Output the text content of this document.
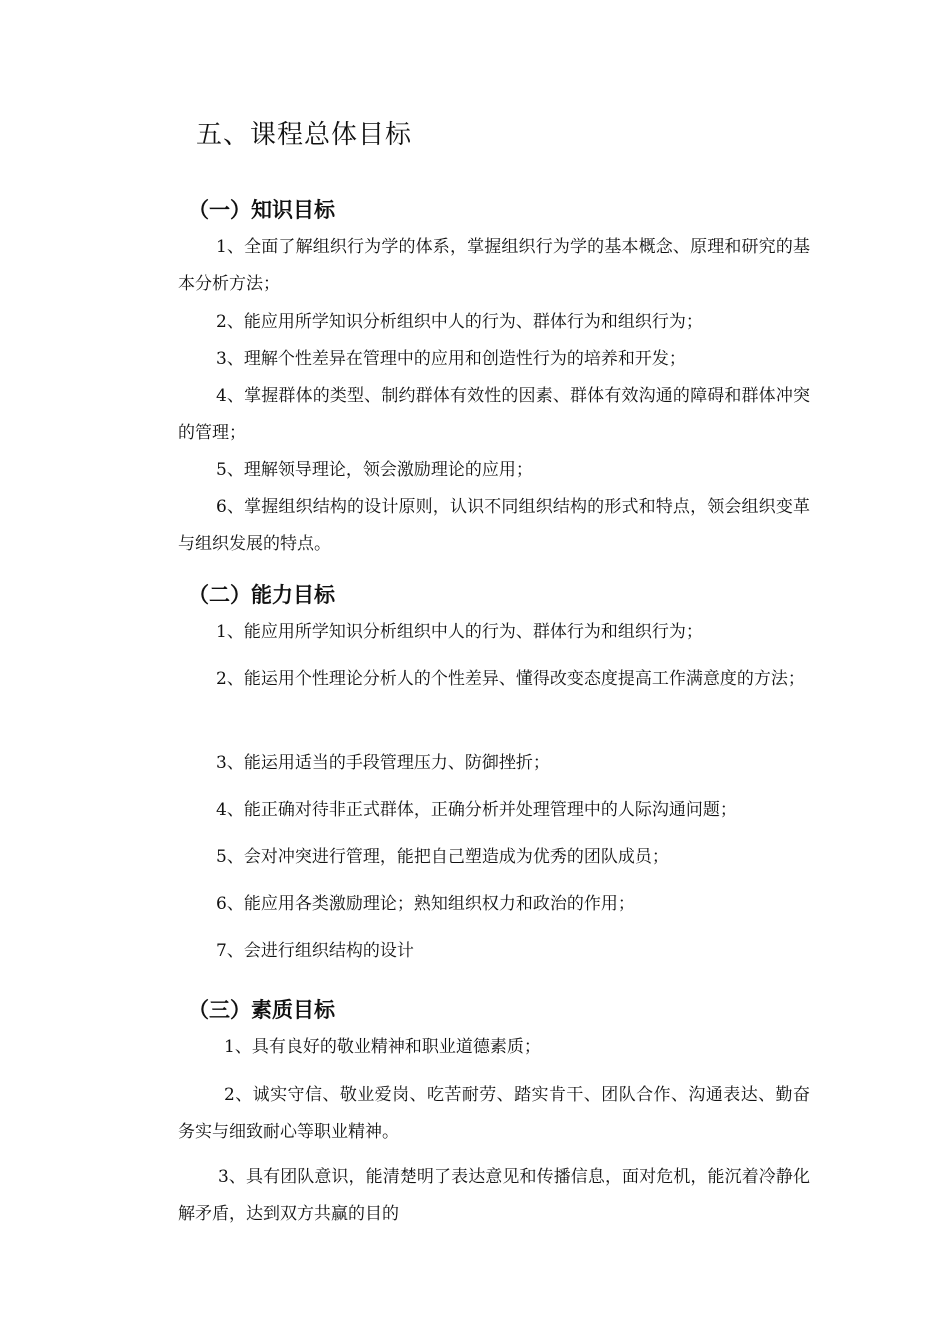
五、课程总体目标
（一）知识目标

1、全面了解组织行为学的体系，掌握组织行为学的基本概念、原理和研究的基本分析方法；

2、能应用所学知识分析组织中人的行为、群体行为和组织行为；

3、理解个性差异在管理中的应用和创造性行为的培养和开发；

4、掌握群体的类型、制约群体有效性的因素、群体有效沟通的障碍和群体冲突的管理；

5、理解领导理论，领会激励理论的应用；

6、掌握组织结构的设计原则，认识不同组织结构的形式和特点，领会组织变革与组织发展的特点。

（二）能力目标

1、能应用所学知识分析组织中人的行为、群体行为和组织行为；

2、能运用个性理论分析人的个性差异、懂得改变态度提高工作满意度的方法；

3、能运用适当的手段管理压力、防御挫折；

4、能正确对待非正式群体，正确分析并处理管理中的人际沟通问题；

5、会对冲突进行管理，能把自己塑造成为优秀的团队成员；

6、能应用各类激励理论；熟知组织权力和政治的作用；

7、会进行组织结构的设计

（三）素质目标

1、具有良好的敬业精神和职业道德素质；

2、诚实守信、敬业爱岗、吃苦耐劳、踏实肯干、团队合作、沟通表达、勤奋务实与细致耐心等职业精神。

3、具有团队意识，能清楚明了表达意见和传播信息，面对危机，能沉着冷静化解矛盾，达到双方共赢的目的
